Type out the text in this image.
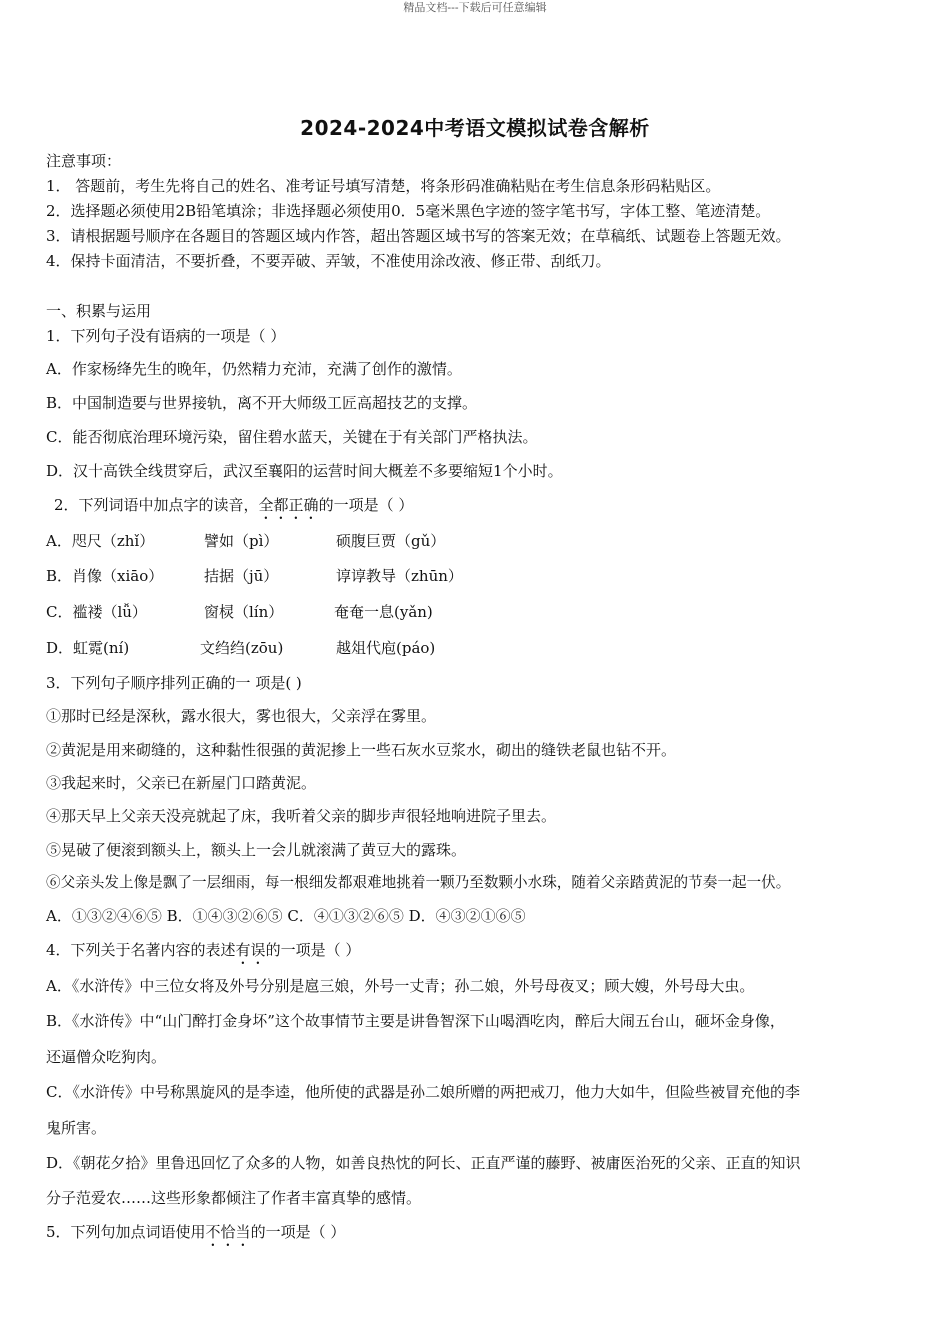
精品文档---下载后可任意编辑
2024-2024中考语文模拟试卷含解析
注意事项：
1． 答题前，考生先将自己的姓名、准考证号填写清楚，将条形码准确粘贴在考生信息条形码粘贴区。
2．选择题必须使用2B铅笔填涂；非选择题必须使用0．5毫米黑色字迹的签字笔书写，字体工整、笔迹清楚。
3．请根据题号顺序在各题目的答题区域内作答，超出答题区域书写的答案无效；在草稿纸、试题卷上答题无效。
4．保持卡面清洁，不要折叠，不要弄破、弄皱，不准使用涂改液、修正带、刮纸刀。
一、积累与运用
1．下列句子没有语病的一项是（ ）
A．作家杨绛先生的晚年，仍然精力充沛，充满了创作的激情。
B．中国制造要与世界接轨，离不开大师级工匠高超技艺的支撑。
C．能否彻底治理环境污染，留住碧水蓝天，关键在于有关部门严格执法。
D．汉十高铁全线贯穿后，武汉至襄阳的运营时间大概差不多要缩短1个小时。
2．下列词语中加点字的读音，全都正确的一项是（ ）
A．咫尺（zhǐ）	譬如（pì）	硕腹巨贾（gǔ）
B．肖像（xiāo）	拮据（jū）	谆谆教导（zhūn）
C．褴褛（lǚ）	窗棂（lín）	奄奄一息(yǎn)
D．虹霓(ní)	文绉绉(zōu)	越俎代庖(páo)
3．下列句子顺序排列正确的一 项是( )
①那时已经是深秋，露水很大，雾也很大，父亲浮在雾里。
②黄泥是用来砌缝的，这种黏性很强的黄泥掺上一些石灰水豆浆水，砌出的缝铁老鼠也钻不开。
③我起来时，父亲已在新屋门口踏黄泥。
④那天早上父亲天没亮就起了床，我听着父亲的脚步声很轻地响进院子里去。
⑤晃破了便滚到额头上，额头上一会儿就滚满了黄豆大的露珠。
⑥父亲头发上像是飘了一层细雨，每一根细发都艰难地挑着一颗乃至数颗小水珠，随着父亲踏黄泥的节奏一起一伏。
A．①③②④⑥⑤ B．①④③②⑥⑤ C．④①③②⑥⑤ D．④③②①⑥⑤
4．下列关于名著内容的表述有误的一项是（ ）
A．《水浒传》中三位女将及外号分别是扈三娘，外号一丈青；孙二娘，外号母夜叉；顾大嫂，外号母大虫。
B．《水浒传》中“山门醉打金身坏”这个故事情节主要是讲鲁智深下山喝酒吃肉，醉后大闹五台山，砸坏金身像，
还逼僧众吃狗肉。
C．《水浒传》中号称黑旋风的是李逵，他所使的武器是孙二娘所赠的两把戒刀，他力大如牛，但险些被冒充他的李
鬼所害。
D．《朝花夕拾》里鲁迅回忆了众多的人物，如善良热忱的阿长、正直严谨的藤野、被庸医治死的父亲、正直的知识
分子范爱农……这些形象都倾注了作者丰富真挚的感情。
5．下列句加点词语使用不恰当的一项是（ ）
